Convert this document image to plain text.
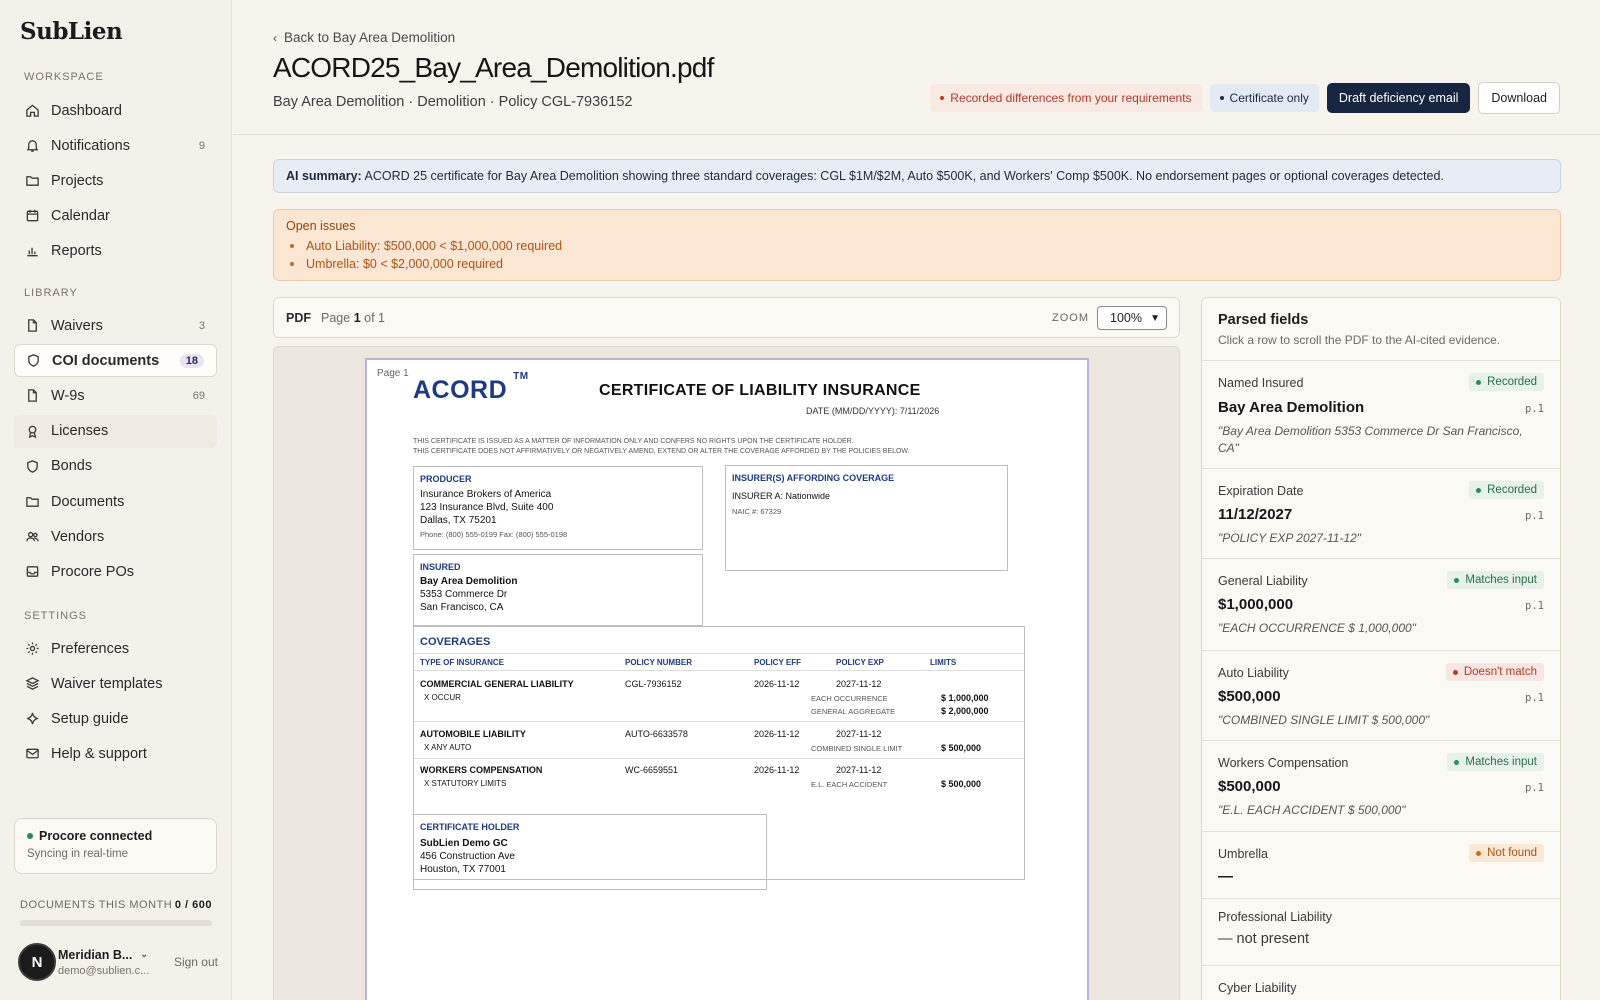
SubLien
WORKSPACE
Dashboard
Notifications	9
Projects
Calendar
Reports
LIBRARY
Waivers	3
COI documents	18
W-9s	69
Licenses
Bonds
Documents
Vendors
Procore POs
SETTINGS
Preferences
Waiver templates
Setup guide
Help & support
Procore connected
Syncing in real-time
DOCUMENTS THIS MONTH 0 / 600
N	Meridian B... ⌄
demo@sublien.c...
Sign out
‹ Back to Bay Area Demolition
ACORD25_Bay_Area_Demolition.pdf
Bay Area Demolition · Demolition · Policy CGL-7936152	Recorded differences from your requirements	Certificate only	Draft deficiency email	Download
AI summary: ACORD 25 certificate for Bay Area Demolition showing three standard coverages: CGL $1M/$2M, Auto $500K, and Workers' Comp $500K. No endorsement pages or optional coverages detected.
Open issues
Auto Liability: $500,000 < $1,000,000 required
Umbrella: $0 < $2,000,000 required
PDF Page 1 of 1	ZOOM 100% ▼
Page 1
ACORD ™
CERTIFICATE OF LIABILITY INSURANCE
DATE (MM/DD/YYYY): 7/11/2026
THIS CERTIFICATE IS ISSUED AS A MATTER OF INFORMATION ONLY AND CONFERS NO RIGHTS UPON THE CERTIFICATE HOLDER.
THIS CERTIFICATE DOES NOT AFFIRMATIVELY OR NEGATIVELY AMEND, EXTEND OR ALTER THE COVERAGE AFFORDED BY THE POLICIES BELOW.
PRODUCER
Insurance Brokers of America
123 Insurance Blvd, Suite 400
Dallas, TX 75201
Phone: (800) 555-0199 Fax: (800) 555-0198
INSURER(S) AFFORDING COVERAGE
INSURER A: Nationwide
NAIC #: 67329
INSURED
Bay Area Demolition
5353 Commerce Dr
San Francisco, CA
COVERAGES
TYPE OF INSURANCE	POLICY NUMBER	POLICY EFF	POLICY EXP	LIMITS
COMMERCIAL GENERAL LIABILITY
X OCCUR
CGL-7936152	2026-11-12	2027-11-12
EACH OCCURRENCE	$ 1,000,000
GENERAL AGGREGATE	$ 2,000,000
AUTOMOBILE LIABILITY
X ANY AUTO
AUTO-6633578	2026-11-12	2027-11-12
COMBINED SINGLE LIMIT	$ 500,000
WORKERS COMPENSATION
X STATUTORY LIMITS
WC-6659551	2026-11-12	2027-11-12
E.L. EACH ACCIDENT	$ 500,000
CERTIFICATE HOLDER
SubLien Demo GC
456 Construction Ave
Houston, TX 77001
Parsed fields
Click a row to scroll the PDF to the AI-cited evidence.
Named Insured	Recorded
Bay Area Demolition	p.1
"Bay Area Demolition 5353 Commerce Dr San Francisco, CA"
Expiration Date	Recorded
11/12/2027	p.1
"POLICY EXP 2027-11-12"
General Liability	Matches input
$1,000,000	p.1
"EACH OCCURRENCE $ 1,000,000"
Auto Liability	Doesn't match
$500,000	p.1
"COMBINED SINGLE LIMIT $ 500,000"
Workers Compensation	Matches input
$500,000	p.1
"E.L. EACH ACCIDENT $ 500,000"
Umbrella	Not found
—
Professional Liability
— not present
Cyber Liability
